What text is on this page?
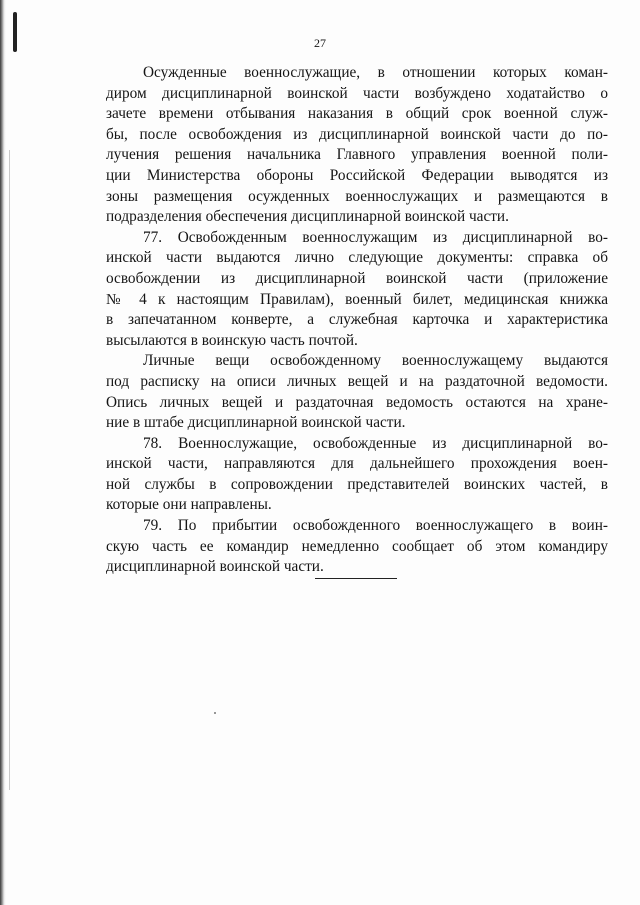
27
Осужденные военнослужащие, в отношении которых коман-
диром дисциплинарной воинской части возбуждено ходатайство о
зачете времени отбывания наказания в общий срок военной служ-
бы, после освобождения из дисциплинарной воинской части до по-
лучения решения начальника Главного управления военной поли-
ции Министерства обороны Российской Федерации выводятся из
зоны размещения осужденных военнослужащих и размещаются в
подразделения обеспечения дисциплинарной воинской части.
77. Освобожденным военнослужащим из дисциплинарной во-
инской части выдаются лично следующие документы: справка об
освобождении из дисциплинарной воинской части (приложение
№ 4 к настоящим Правилам), военный билет, медицинская книжка
в запечатанном конверте, а служебная карточка и характеристика
высылаются в воинскую часть почтой.
Личные вещи освобожденному военнослужащему выдаются
под расписку на описи личных вещей и на раздаточной ведомости.
Опись личных вещей и раздаточная ведомость остаются на хране-
ние в штабе дисциплинарной воинской части.
78. Военнослужащие, освобожденные из дисциплинарной во-
инской части, направляются для дальнейшего прохождения воен-
ной службы в сопровождении представителей воинских частей, в
которые они направлены.
79. По прибытии освобожденного военнослужащего в воин-
скую часть ее командир немедленно сообщает об этом командиру
дисциплинарной воинской части.
